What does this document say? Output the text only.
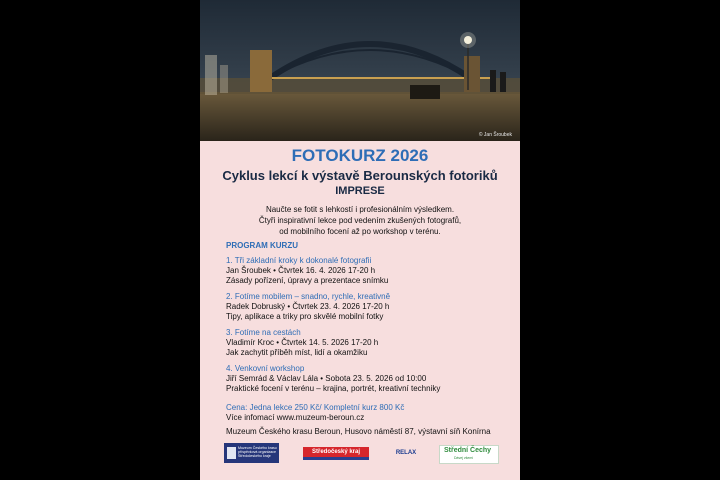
© Jan Šroubek
FOTOKURZ 2026
Cyklus lekcí k výstavě Berounských fotoriků
IMPRESE
Naučte se fotit s lehkostí i profesionálním výsledkem.
Čtyři inspirativní lekce pod vedením zkušených fotografů,
od mobilního focení až po workshop v terénu.
PROGRAM KURZU
1. Tři základní kroky k dokonalé fotografii
Jan Šroubek • Čtvrtek 16. 4. 2026 17-20 h
Zásady pořízení, úpravy a prezentace snímku
2. Fotíme mobilem – snadno, rychle, kreativně
Radek Dobruský • Čtvrtek 23. 4. 2026 17-20 h
Tipy, aplikace a triky pro skvělé mobilní fotky
3. Fotíme na cestách
Vladimír Kroc • Čtvrtek 14. 5. 2026 17-20 h
Jak zachytit příběh míst, lidí a okamžiku
4. Venkovní workshop
Jiří Semrád & Václav Lála • Sobota 23. 5. 2026 od 10:00
Praktické focení v terénu – krajina, portrét, kreativní techniky
Cena: Jednа lekce 250 Kč/ Kompletní kurz 800 Kč
Více infomací www.muzeum-beroun.cz
Muzeum Českého krasu Beroun, Husovo náměstí 87, výstavní síň Konírna
Muzeum Českého krasu příspěvková organizace Středočeského kraje
Středočeský kraj	RELAX	Střední Čechy
Dávej všemi
